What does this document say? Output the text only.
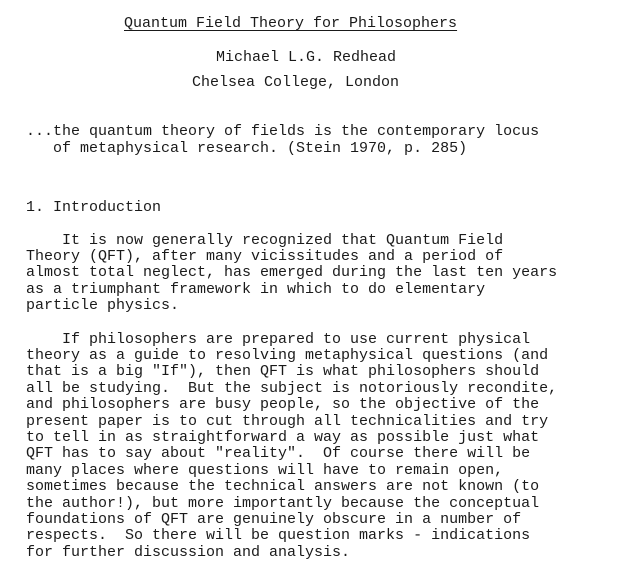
Quantum Field Theory for Philosophers
Michael L.G. Redhead
Chelsea College, London
...the quantum theory of fields is the contemporary locus
of metaphysical research. (Stein 1970, p. 285)
1. Introduction
It is now generally recognized that Quantum Field
Theory (QFT), after many vicissitudes and a period of
almost total neglect, has emerged during the last ten years
as a triumphant framework in which to do elementary
particle physics.
If philosophers are prepared to use current physical
theory as a guide to resolving metaphysical questions (and
that is a big "If"), then QFT is what philosophers should
all be studying.  But the subject is notoriously recondite,
and philosophers are busy people, so the objective of the
present paper is to cut through all technicalities and try
to tell in as straightforward a way as possible just what
QFT has to say about "reality".  Of course there will be
many places where questions will have to remain open,
sometimes because the technical answers are not known (to
the author!), but more importantly because the conceptual
foundations of QFT are genuinely obscure in a number of
respects.  So there will be question marks - indications
for further discussion and analysis.
